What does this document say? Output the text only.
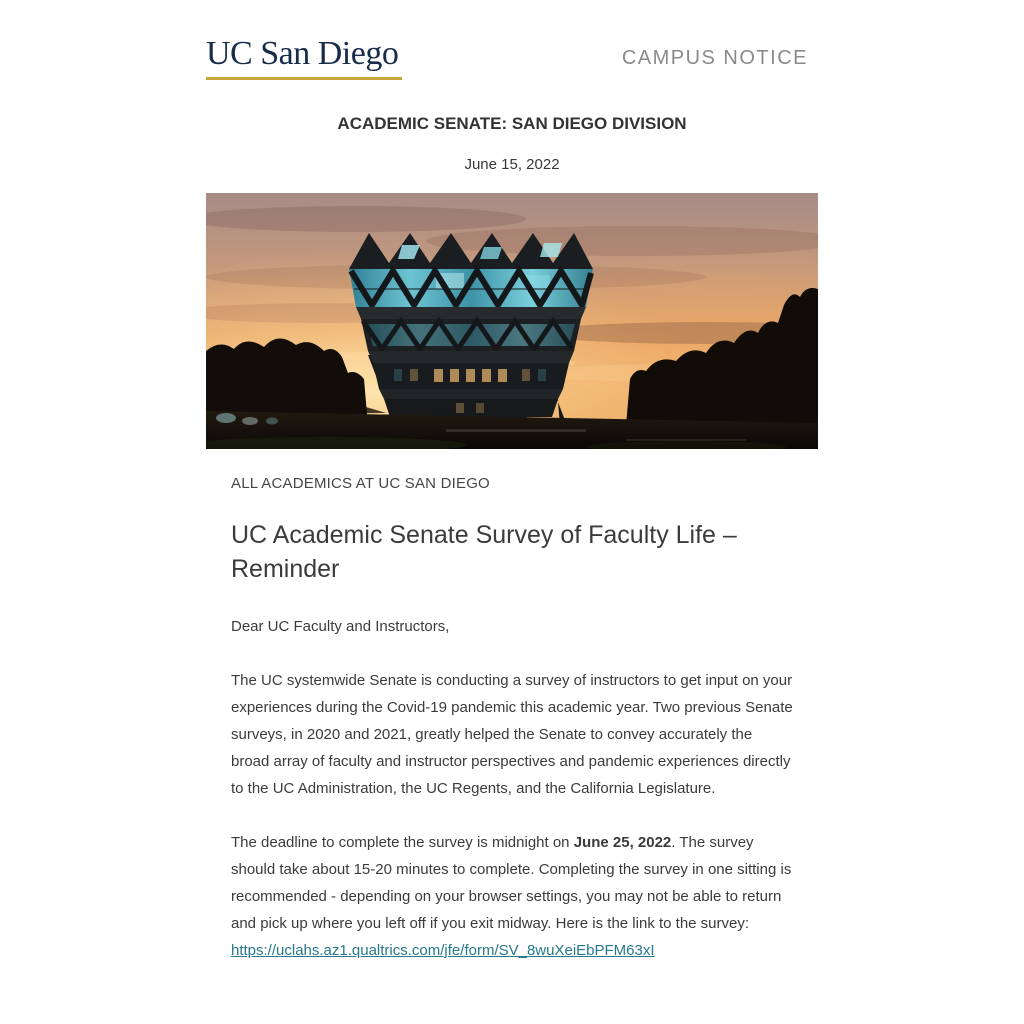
UC San Diego	CAMPUS NOTICE
ACADEMIC SENATE: SAN DIEGO DIVISION
June 15, 2022
ALL ACADEMICS AT UC SAN DIEGO
UC Academic Senate Survey of Faculty Life – Reminder

Dear UC Faculty and Instructors,

The UC systemwide Senate is conducting a survey of instructors to get input on your experiences during the Covid-19 pandemic this academic year. Two previous Senate surveys, in 2020 and 2021, greatly helped the Senate to convey accurately the broad array of faculty and instructor perspectives and pandemic experiences directly to the UC Administration, the UC Regents, and the California Legislature.

The deadline to complete the survey is midnight on June 25, 2022. The survey should take about 15-20 minutes to complete. Completing the survey in one sitting is recommended - depending on your browser settings, you may not be able to return and pick up where you left off if you exit midway. Here is the link to the survey:

https://uclahs.az1.qualtrics.com/jfe/form/SV_8wuXeiEbPFM63xI
